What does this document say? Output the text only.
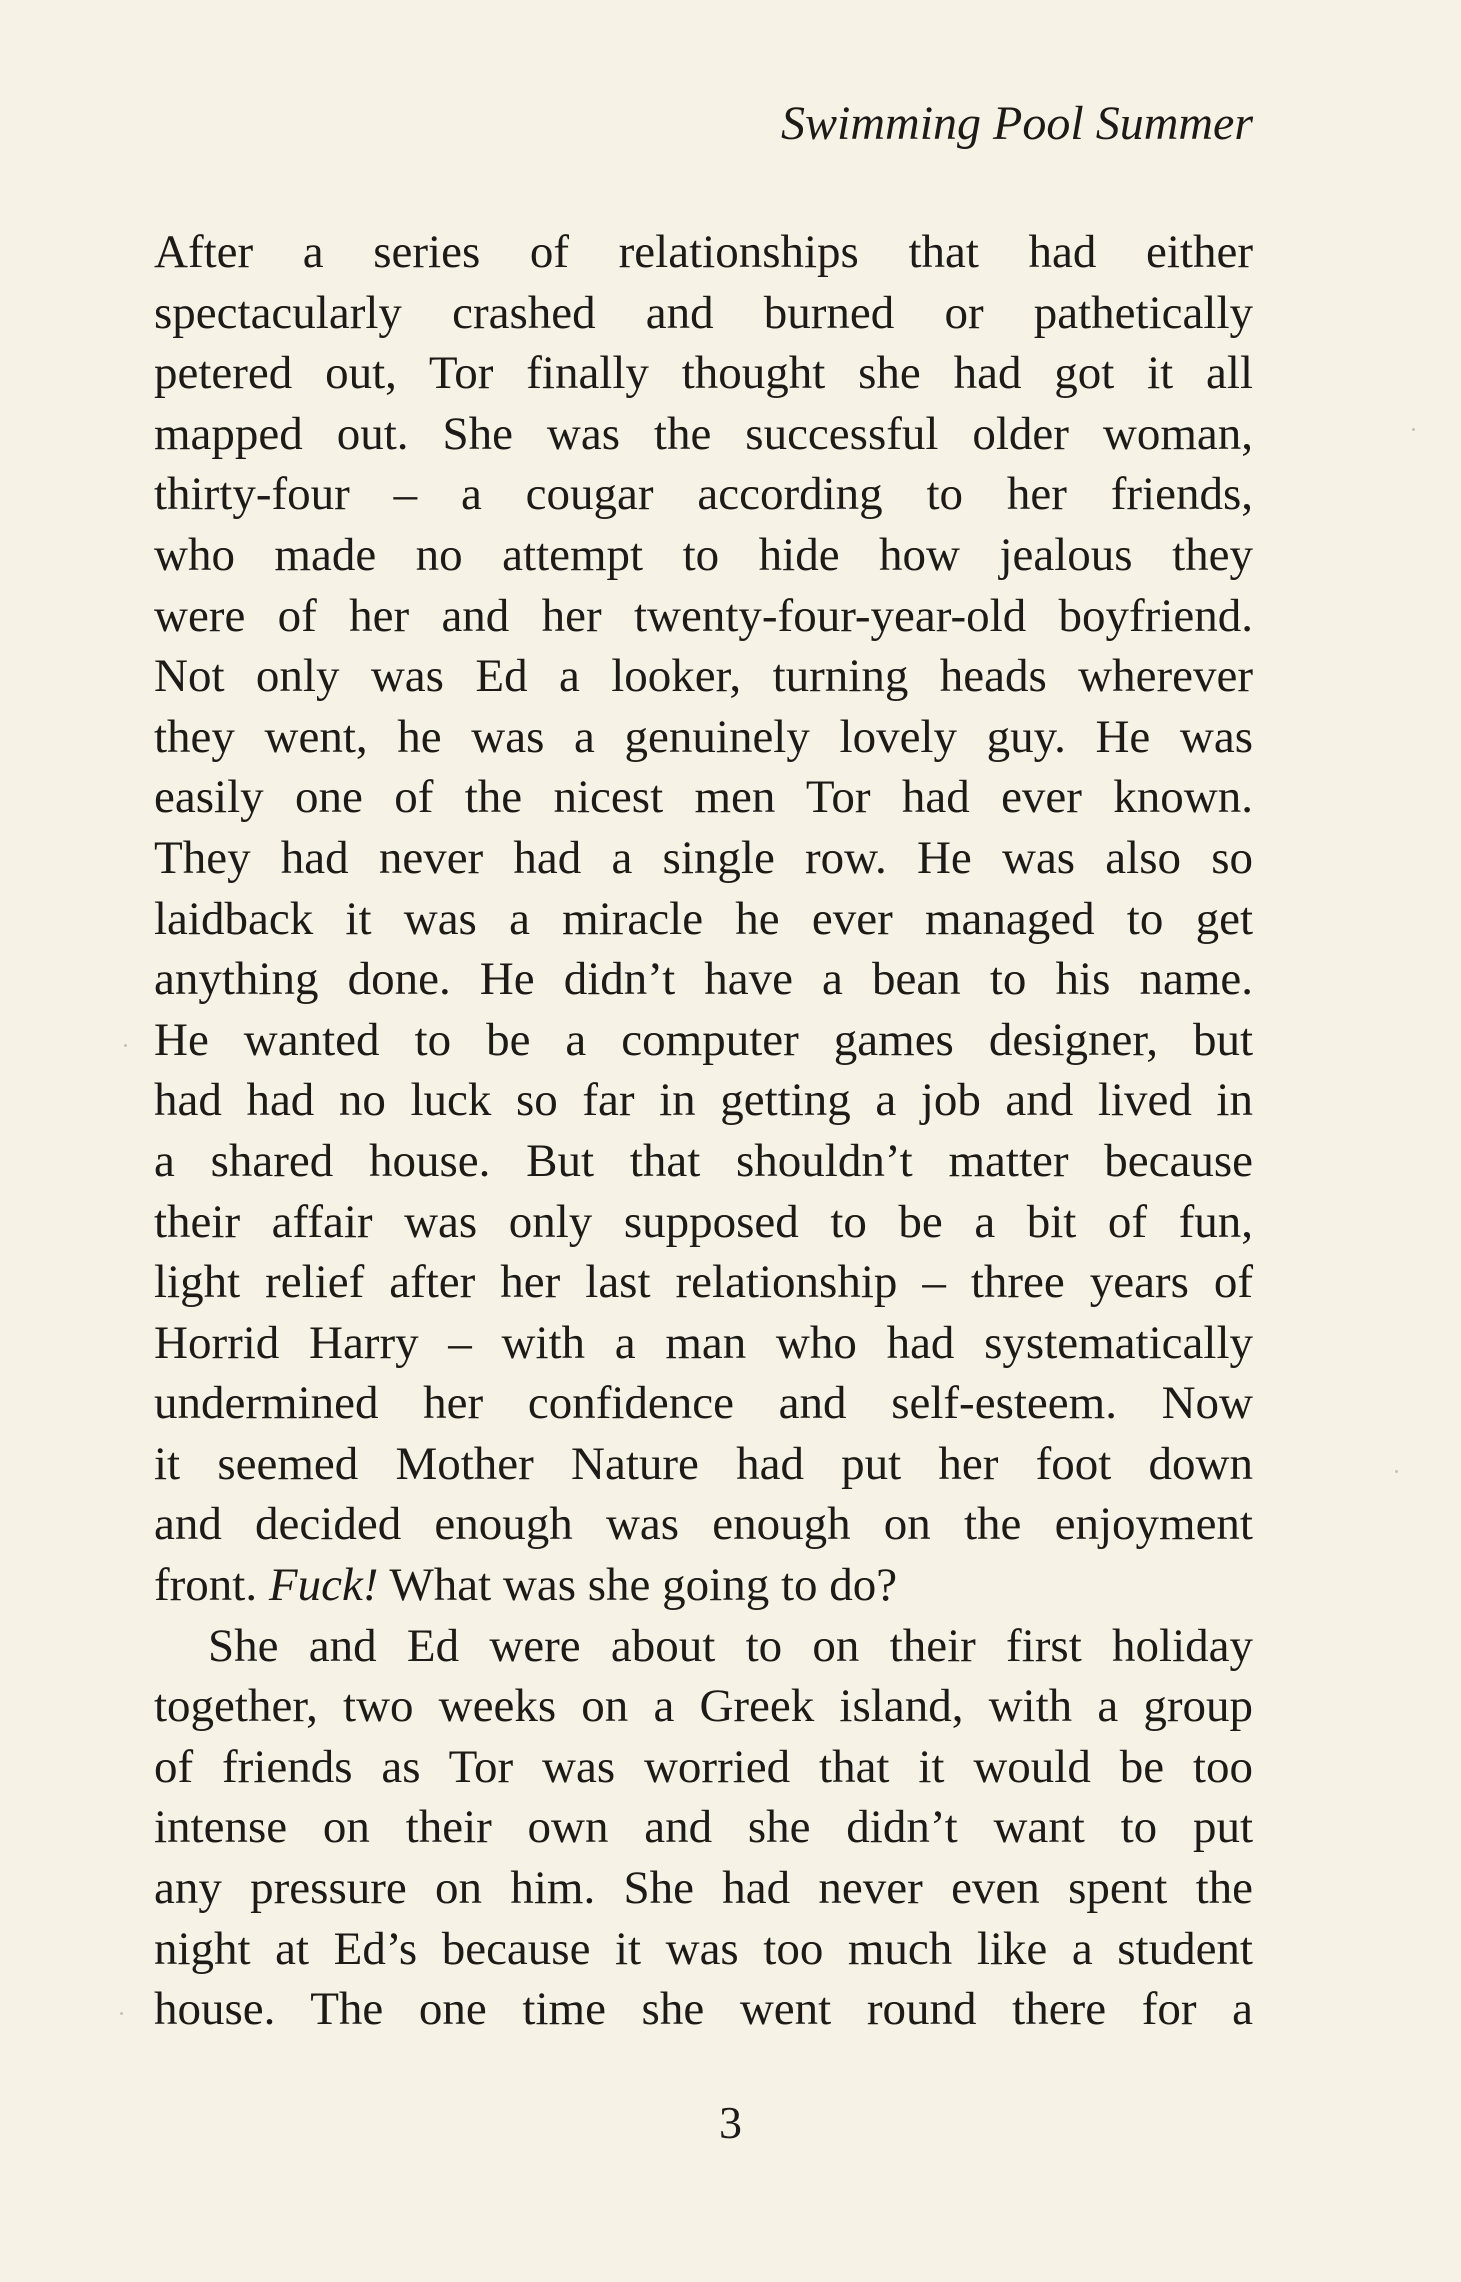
Swimming Pool Summer
After a series of relationships that had either
spectacularly crashed and burned or pathetically
petered out, Tor finally thought she had got it all
mapped out. She was the successful older woman,
thirty-four – a cougar according to her friends,
who made no attempt to hide how jealous they
were of her and her twenty-four-year-old boyfriend.
Not only was Ed a looker, turning heads wherever
they went, he was a genuinely lovely guy. He was
easily one of the nicest men Tor had ever known.
They had never had a single row. He was also so
laidback it was a miracle he ever managed to get
anything done. He didn’t have a bean to his name.
He wanted to be a computer games designer, but
had had no luck so far in getting a job and lived in
a shared house. But that shouldn’t matter because
their affair was only supposed to be a bit of fun,
light relief after her last relationship – three years of
Horrid Harry – with a man who had systematically
undermined her confidence and self-esteem. Now
it seemed Mother Nature had put her foot down
and decided enough was enough on the enjoyment
front. Fuck! What was she going to do?
She and Ed were about to on their first holiday
together, two weeks on a Greek island, with a group
of friends as Tor was worried that it would be too
intense on their own and she didn’t want to put
any pressure on him. She had never even spent the
night at Ed’s because it was too much like a student
house. The one time she went round there for a
3
